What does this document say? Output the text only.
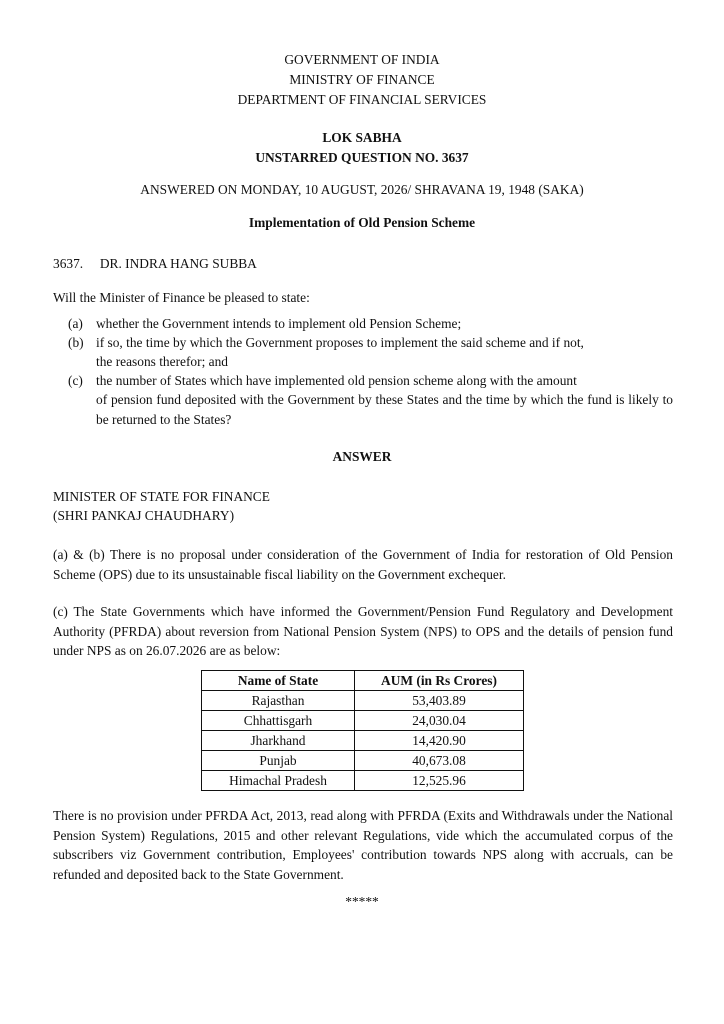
GOVERNMENT OF INDIA
MINISTRY OF FINANCE
DEPARTMENT OF FINANCIAL SERVICES
LOK SABHA
UNSTARRED QUESTION NO. 3637
ANSWERED ON MONDAY, 10 AUGUST, 2026/ SHRAVANA 19, 1948 (SAKA)
Implementation of Old Pension Scheme
3637. DR. INDRA HANG SUBBA
Will the Minister of Finance be pleased to state:
(a) whether the Government intends to implement old Pension Scheme;
(b) if so, the time by which the Government proposes to implement the said scheme and if not,
the reasons therefor; and
(c) the number of States which have implemented old pension scheme along with the amount
of pension fund deposited with the Government by these States and the time by which the fund is likely to be returned to the States?
ANSWER
MINISTER OF STATE FOR FINANCE
(SHRI PANKAJ CHAUDHARY)
(a) & (b) There is no proposal under consideration of the Government of India for restoration of Old Pension Scheme (OPS) due to its unsustainable fiscal liability on the Government exchequer.
(c) The State Governments which have informed the Government/Pension Fund Regulatory and Development Authority (PFRDA) about reversion from National Pension System (NPS) to OPS and the details of pension fund under NPS as on 26.07.2026 are as below:
Name of State	AUM (in Rs Crores)
Rajasthan	53,403.89
Chhattisgarh	24,030.04
Jharkhand	14,420.90
Punjab	40,673.08
Himachal Pradesh	12,525.96
There is no provision under PFRDA Act, 2013, read along with PFRDA (Exits and Withdrawals under the National Pension System) Regulations, 2015 and other relevant Regulations, vide which the accumulated corpus of the subscribers viz Government contribution, Employees' contribution towards NPS along with accruals, can be refunded and deposited back to the State Government.
*****
